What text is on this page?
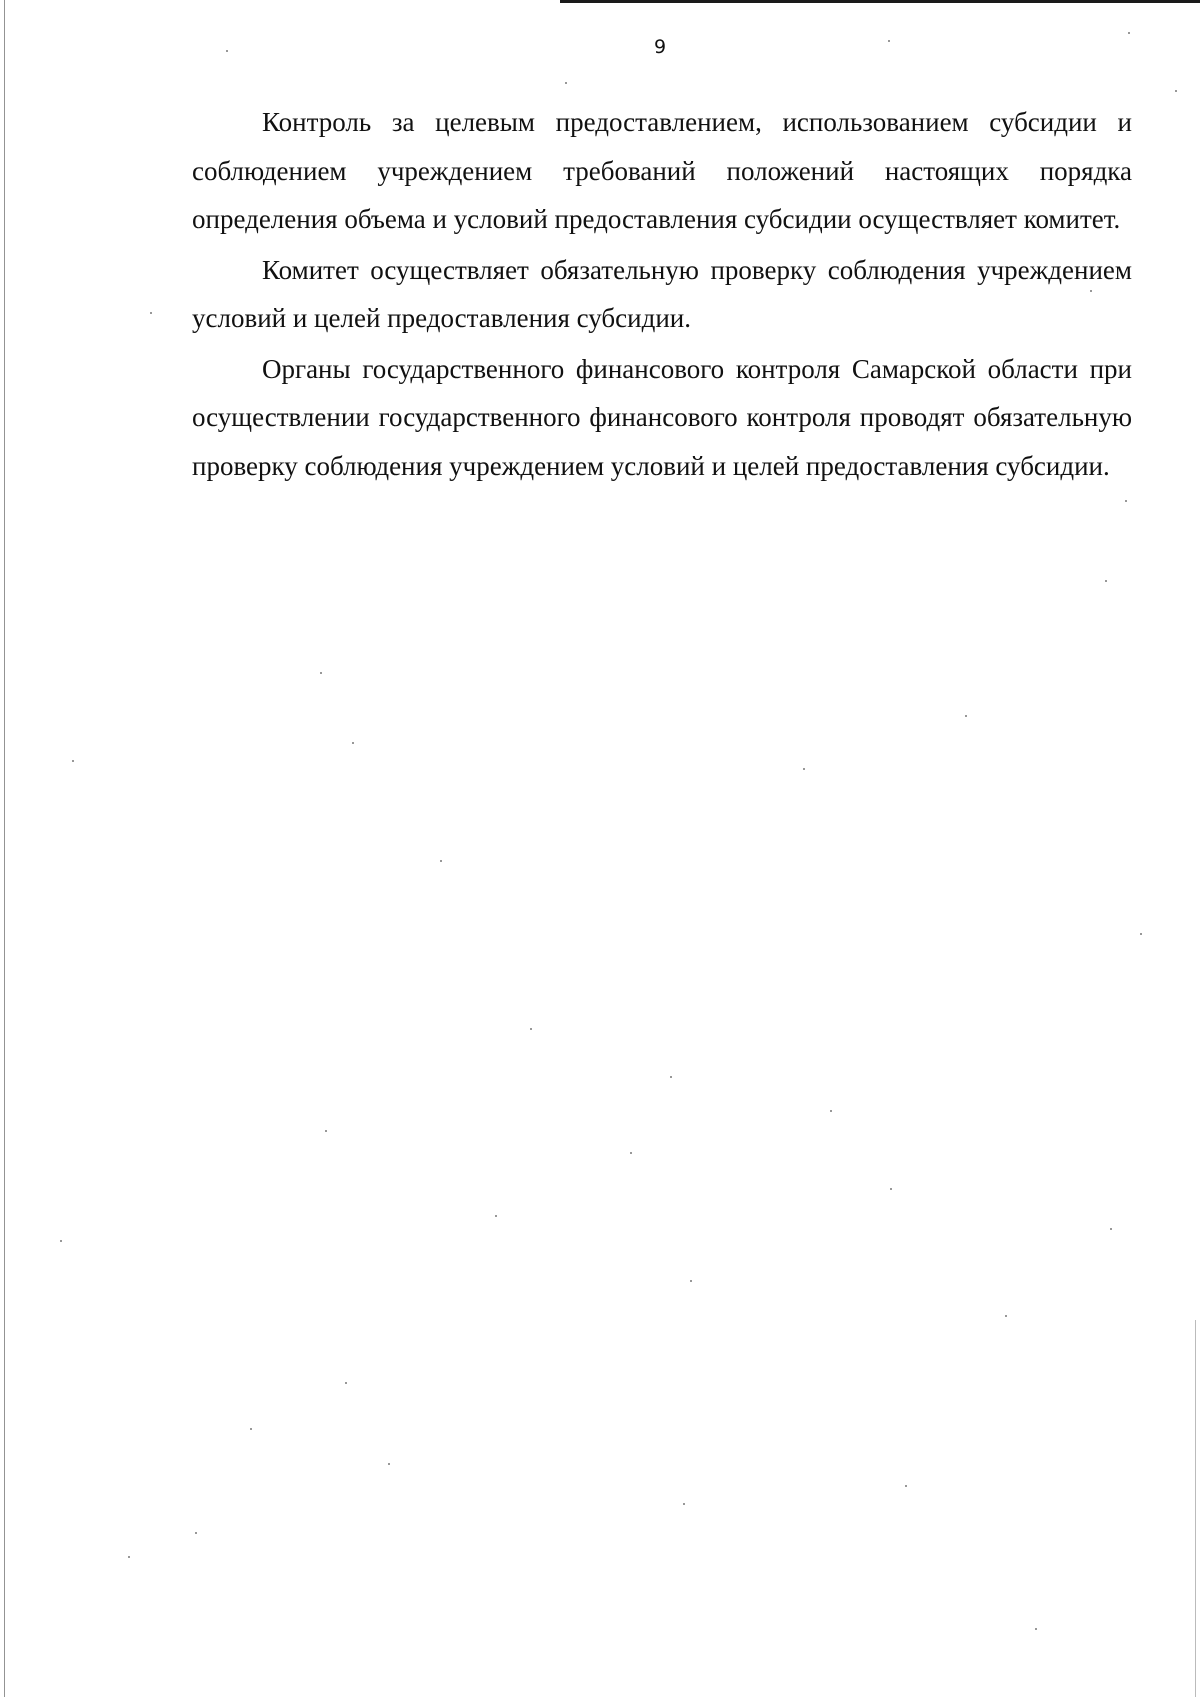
9

Контроль за целевым предоставлением, использованием субсидии и соблюдением учреждением требований положений настоящих порядка определения объема и условий предоставления субсидии осуществляет комитет.

Комитет осуществляет обязательную проверку соблюдения учреждением условий и целей предоставления субсидии.

Органы государственного финансового контроля Самарской области при осуществлении государственного финансового контроля проводят обязательную проверку соблюдения учреждением условий и целей предоставления субсидии.
